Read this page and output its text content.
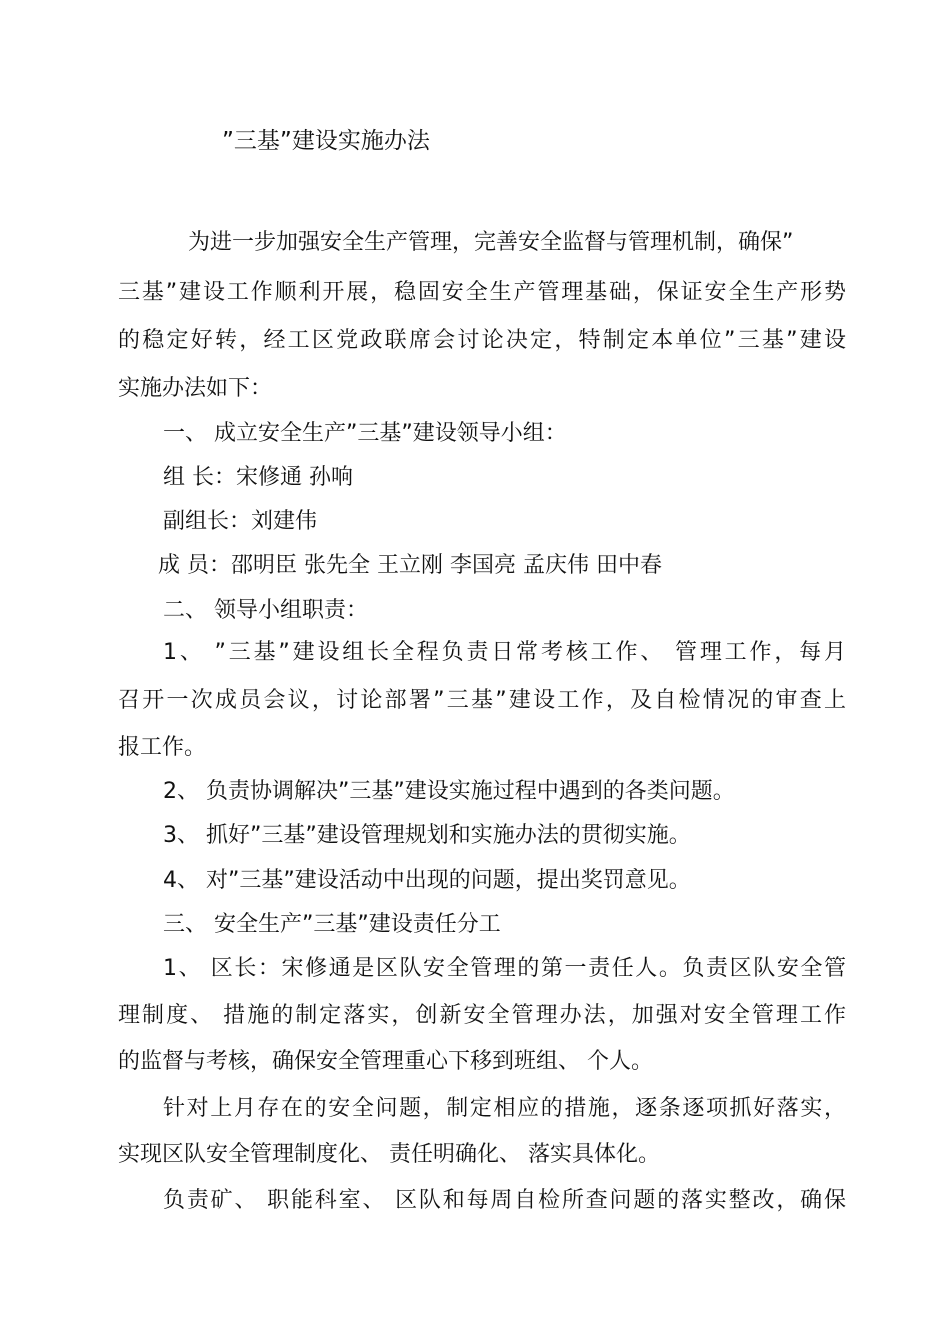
”三基”建设实施办法
为进一步加强安全生产管理，完善安全监督与管理机制，确保”
三基”建设工作顺利开展，稳固安全生产管理基础，保证安全生产形势
的稳定好转，经工区党政联席会讨论决定，特制定本单位”三基”建设
实施办法如下：
一、 成立安全生产”三基”建设领导小组：
组 长：宋修通 孙响
副组长：刘建伟
成 员：邵明臣 张先全 王立刚 李国亮 孟庆伟 田中春
二、 领导小组职责：
1、 ”三基”建设组长全程负责日常考核工作、 管理工作，每月
召开一次成员会议，讨论部署”三基”建设工作，及自检情况的审查上
报工作。
2、 负责协调解决”三基”建设实施过程中遇到的各类问题。
3、 抓好”三基”建设管理规划和实施办法的贯彻实施。
4、 对”三基”建设活动中出现的问题，提出奖罚意见。
三、 安全生产”三基”建设责任分工
1、 区长：宋修通是区队安全管理的第一责任人。负责区队安全管
理制度、 措施的制定落实，创新安全管理办法，加强对安全管理工作
的监督与考核，确保安全管理重心下移到班组、 个人。
针对上月存在的安全问题，制定相应的措施，逐条逐项抓好落实，
实现区队安全管理制度化、 责任明确化、 落实具体化。
负责矿、 职能科室、 区队和每周自检所查问题的落实整改，确保
